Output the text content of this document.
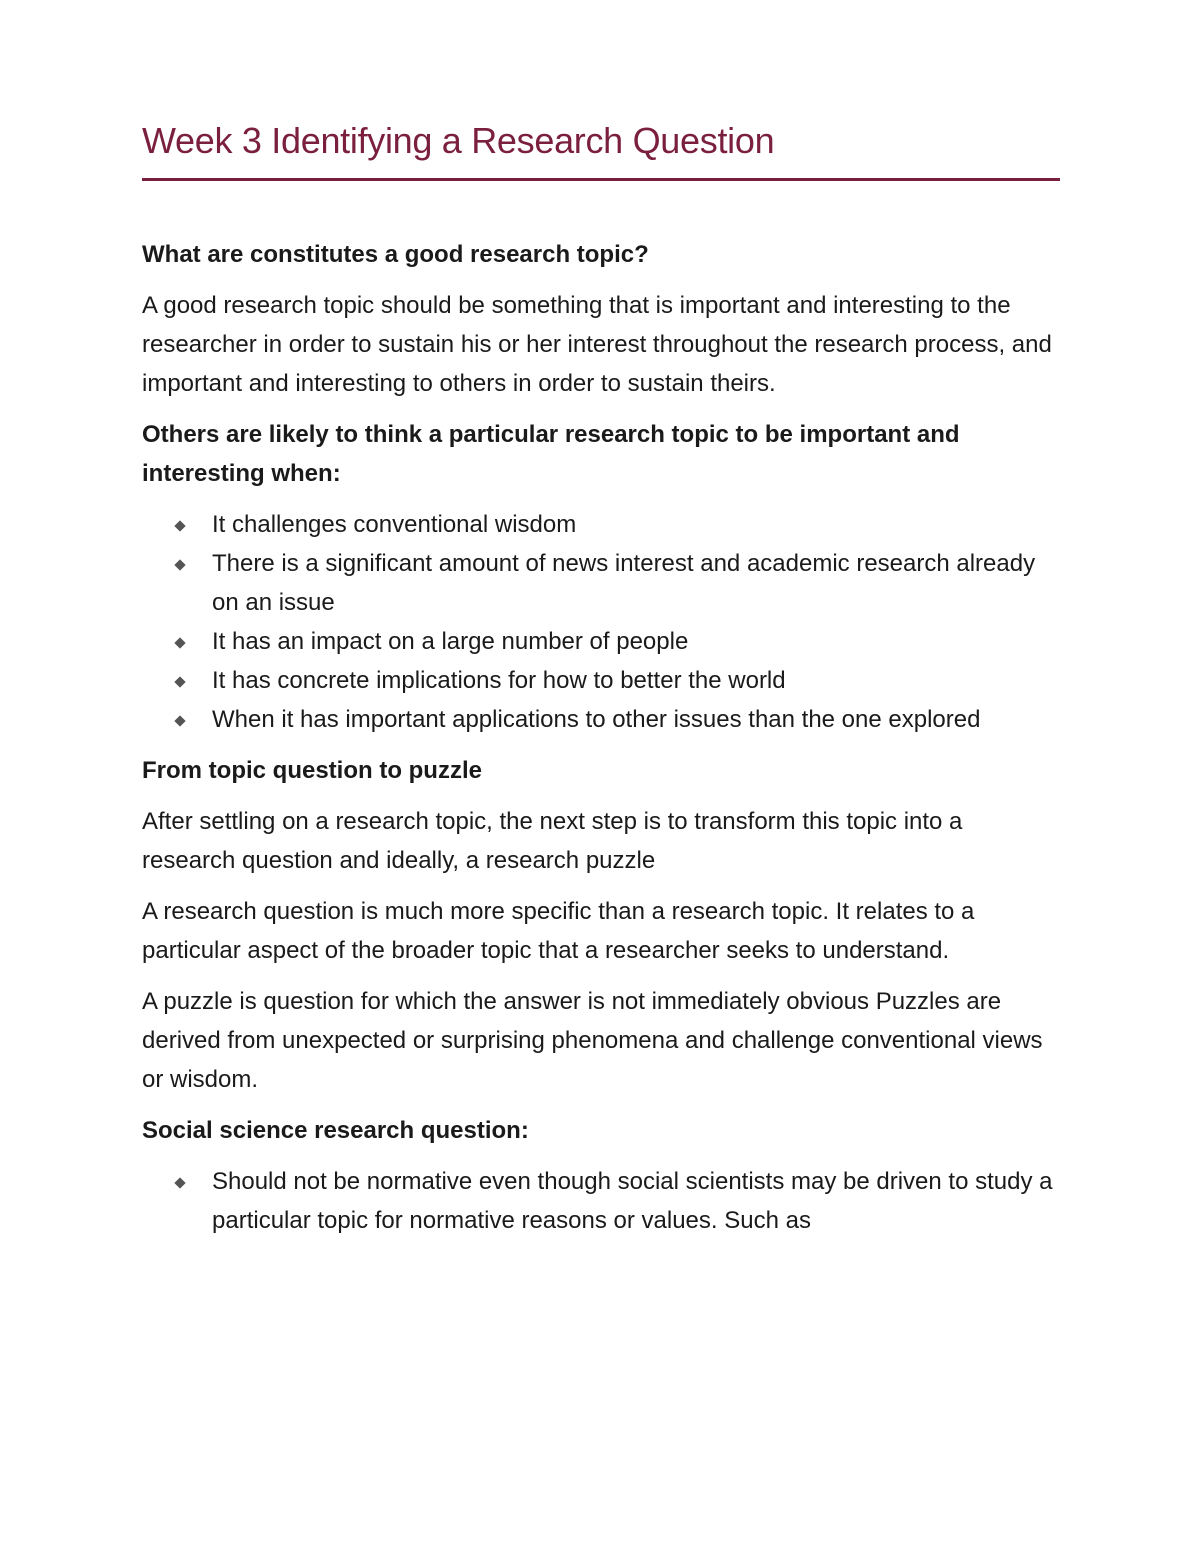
Week 3 Identifying a Research Question

What are constitutes a good research topic?

A good research topic should be something that is important and interesting to the researcher in order to sustain his or her interest throughout the research process, and important and interesting to others in order to sustain theirs.

Others are likely to think a particular research topic to be important and interesting when:

It challenges conventional wisdom
There is a significant amount of news interest and academic research already on an issue
It has an impact on a large number of people
It has concrete implications for how to better the world
When it has important applications to other issues than the one explored

From topic question to puzzle

After settling on a research topic, the next step is to transform this topic into a research question and ideally, a research puzzle

A research question is much more specific than a research topic. It relates to a particular aspect of the broader topic that a researcher seeks to understand.

A puzzle is question for which the answer is not immediately obvious Puzzles are derived from unexpected or surprising phenomena and challenge conventional views or wisdom.

Social science research question:

Should not be normative even though social scientists may be driven to study a particular topic for normative reasons or values. Such as
